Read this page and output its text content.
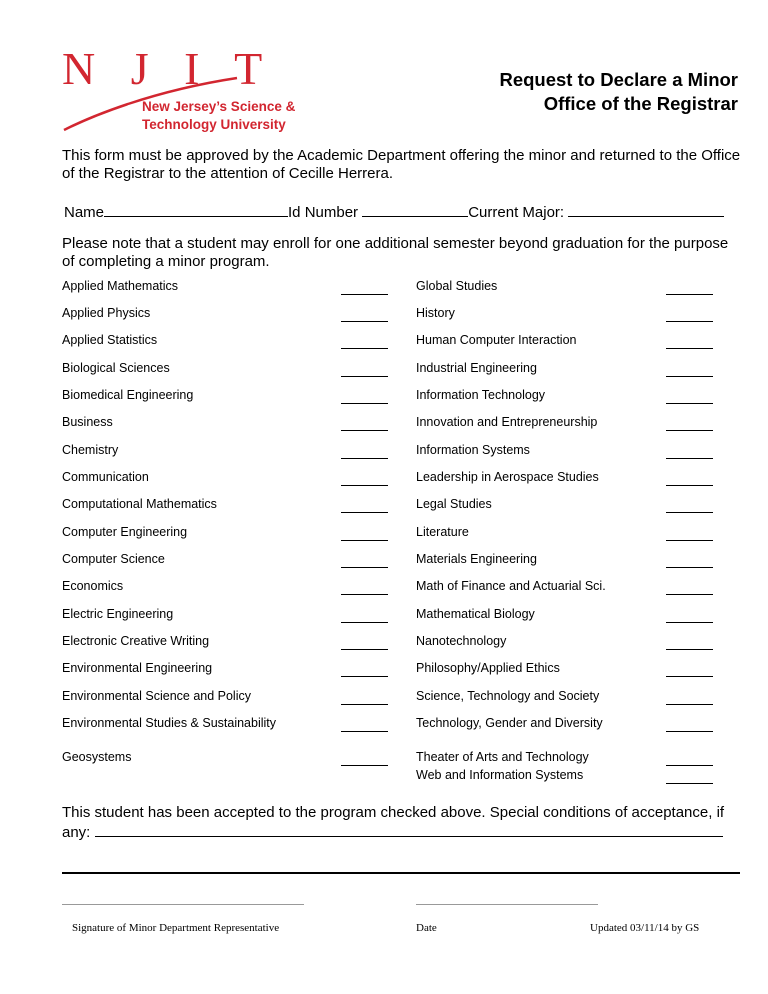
N J I T
New Jersey’s Science &
Technology University
Request to Declare a Minor
Office of the Registrar
This form must be approved by the Academic Department offering the minor and returned to the Office of the Registrar to the attention of Cecille Herrera.
Name	Id Number	Current Major:
Please note that a student may enroll for one additional semester beyond graduation for the purpose of completing a minor program.
Applied Mathematics	Global Studies
Applied Physics	History
Applied Statistics	Human Computer Interaction
Biological Sciences	Industrial Engineering
Biomedical Engineering	Information Technology
Business	Innovation and Entrepreneurship
Chemistry	Information Systems
Communication	Leadership in Aerospace Studies
Computational Mathematics	Legal Studies
Computer Engineering	Literature
Computer Science	Materials Engineering
Economics	Math of Finance and Actuarial Sci.
Electric Engineering	Mathematical Biology
Electronic Creative Writing	Nanotechnology
Environmental Engineering	Philosophy/Applied Ethics
Environmental Science and Policy	Science, Technology and Society
Environmental Studies & Sustainability	Technology, Gender and Diversity
Geosystems	Theater of Arts and Technology
Web and Information Systems
This student has been accepted to the program checked above. Special conditions of acceptance, if any:
Signature of Minor Department Representative	Date	Updated 03/11/14 by GS
